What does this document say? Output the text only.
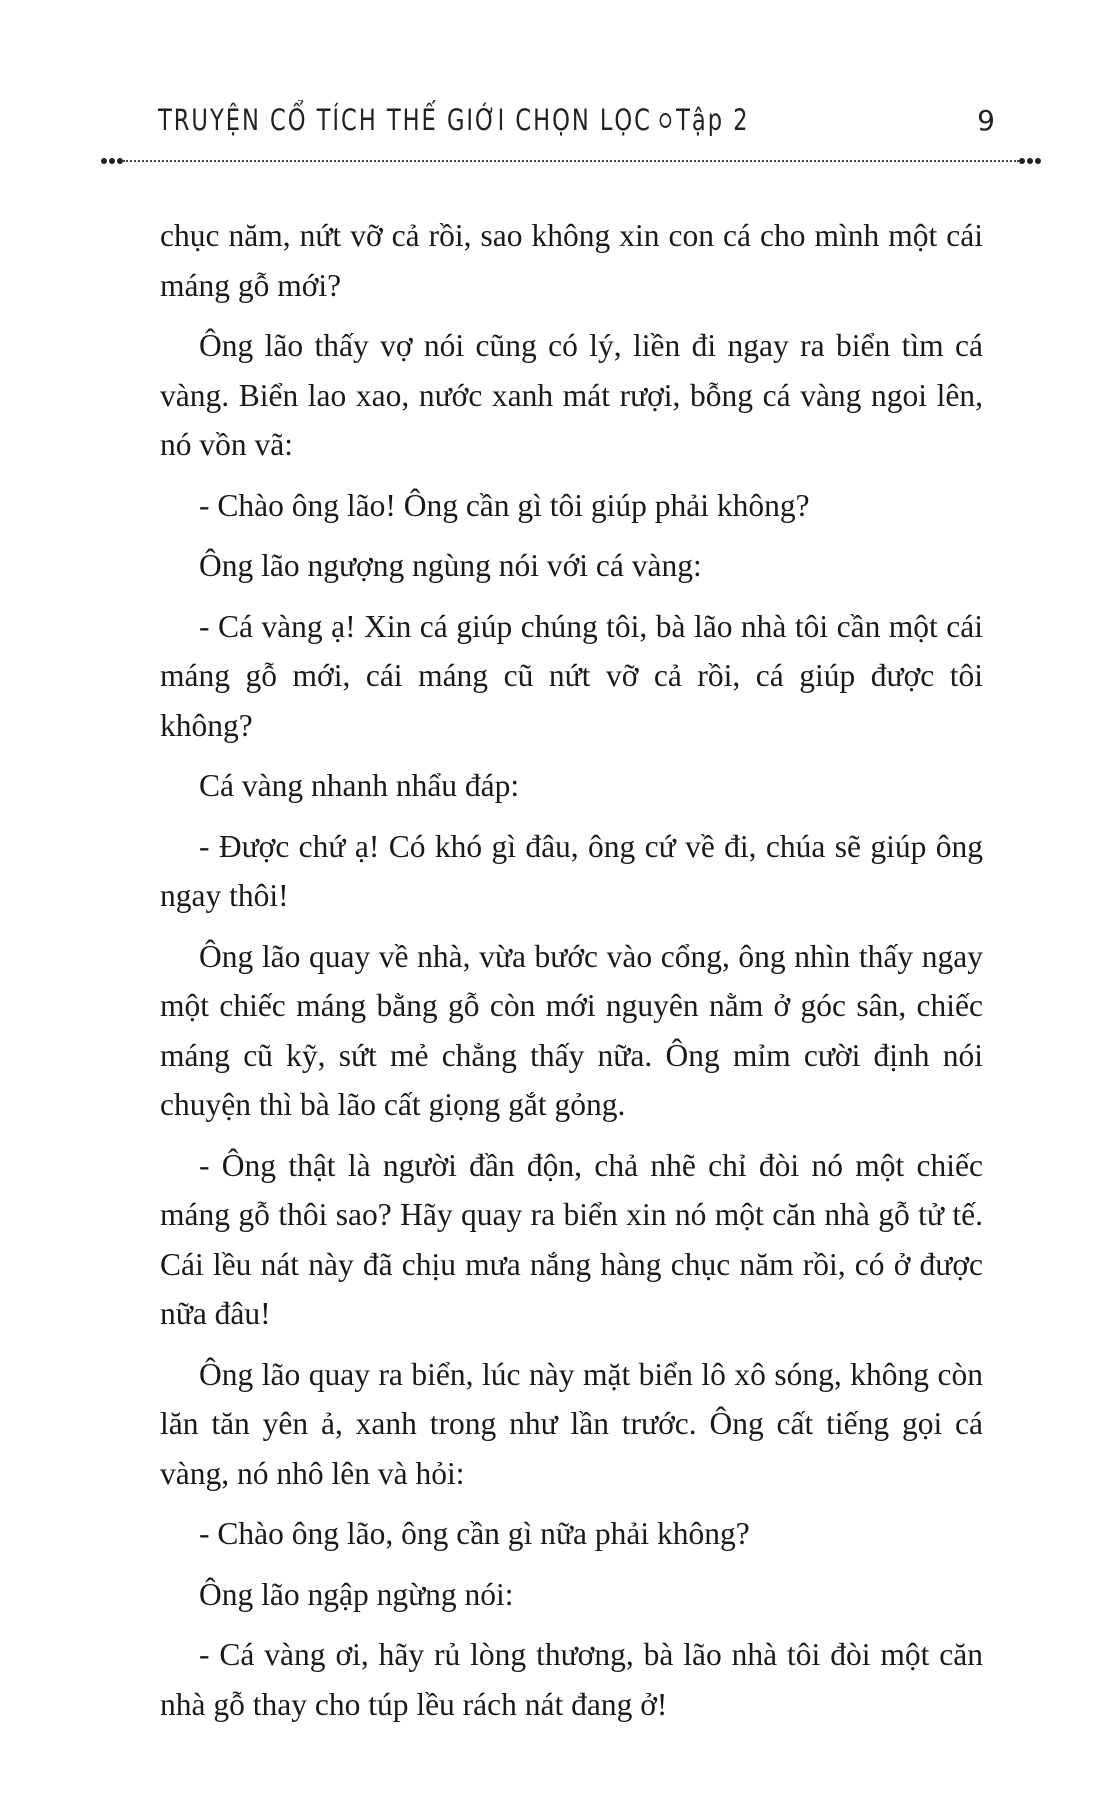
TRUYỆN CỔ TÍCH THẾ GIỚI CHỌN LỌC Tập 2	9

chục năm, nứt vỡ cả rồi, sao không xin con cá cho mình một cái máng gỗ mới?

Ông lão thấy vợ nói cũng có lý, liền đi ngay ra biển tìm cá vàng. Biển lao xao, nước xanh mát rượi, bỗng cá vàng ngoi lên, nó vồn vã:

- Chào ông lão! Ông cần gì tôi giúp phải không?

Ông lão ngượng ngùng nói với cá vàng:

- Cá vàng ạ! Xin cá giúp chúng tôi, bà lão nhà tôi cần một cái máng gỗ mới, cái máng cũ nứt vỡ cả rồi, cá giúp được tôi không?

Cá vàng nhanh nhẩu đáp:

- Được chứ ạ! Có khó gì đâu, ông cứ về đi, chúa sẽ giúp ông ngay thôi!

Ông lão quay về nhà, vừa bước vào cổng, ông nhìn thấy ngay một chiếc máng bằng gỗ còn mới nguyên nằm ở góc sân, chiếc máng cũ kỹ, sứt mẻ chẳng thấy nữa. Ông mỉm cười định nói chuyện thì bà lão cất giọng gắt gỏng.

- Ông thật là người đần độn, chả nhẽ chỉ đòi nó một chiếc máng gỗ thôi sao? Hãy quay ra biển xin nó một căn nhà gỗ tử tế. Cái lều nát này đã chịu mưa nắng hàng chục năm rồi, có ở được nữa đâu!

Ông lão quay ra biển, lúc này mặt biển lô xô sóng, không còn lăn tăn yên ả, xanh trong như lần trước. Ông cất tiếng gọi cá vàng, nó nhô lên và hỏi:

- Chào ông lão, ông cần gì nữa phải không?

Ông lão ngập ngừng nói:

- Cá vàng ơi, hãy rủ lòng thương, bà lão nhà tôi đòi một căn nhà gỗ thay cho túp lều rách nát đang ở!
